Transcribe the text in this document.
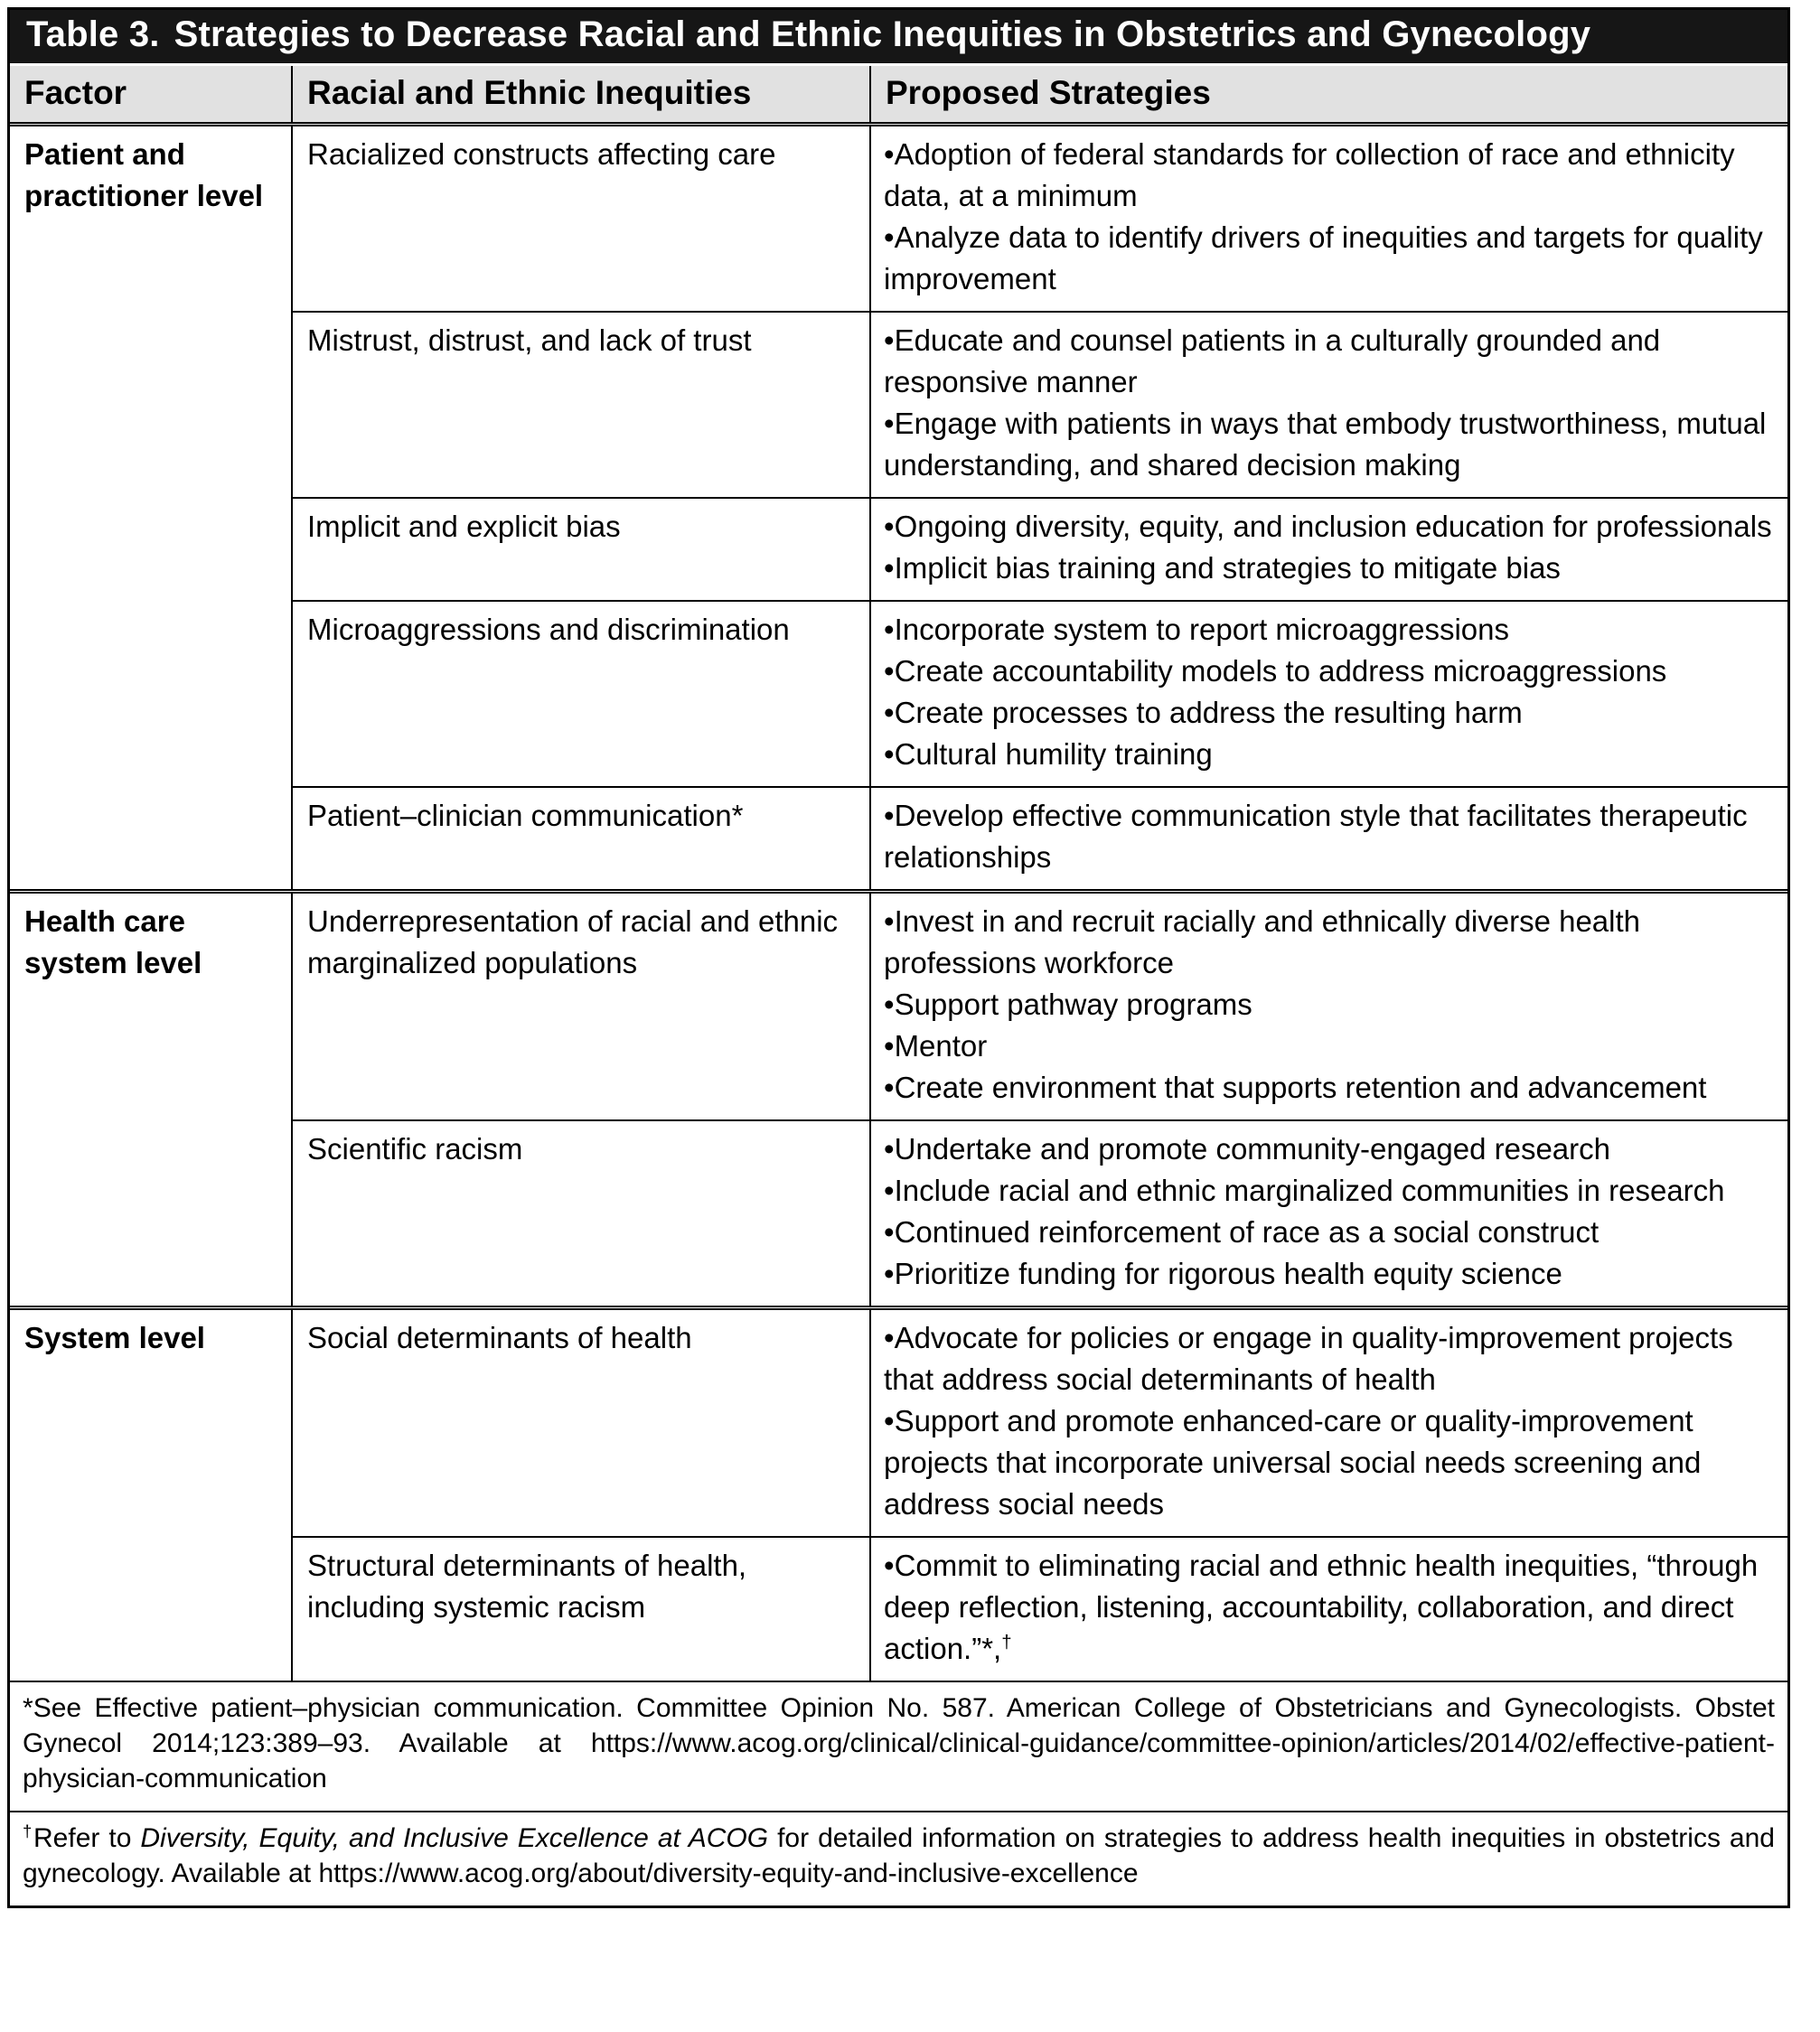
Table 3. Strategies to Decrease Racial and Ethnic Inequities in Obstetrics and Gynecology		
Factor	Racial and Ethnic Inequities	Proposed Strategies
Patient and practitioner level	Racialized constructs affecting care	• Adoption of federal standards for collection of race and ethnicity data, at a minimum
• Analyze data to identify drivers of inequities and targets for quality improvement

	Mistrust, distrust, and lack of trust	• Educate and counsel patients in a culturally grounded and responsive manner
• Engage with patients in ways that embody trustworthiness, mutual understanding, and shared decision making

	Implicit and explicit bias	• Ongoing diversity, equity, and inclusion education for professionals
• Implicit bias training and strategies to mitigate bias

	Microaggressions and discrimination	• Incorporate system to report microaggressions
• Create accountability models to address microaggressions
• Create processes to address the resulting harm
• Cultural humility training

	Patient–clinician communication*	• Develop effective communication style that facilitates therapeutic relationships

Health care system level	Underrepresentation of racial and ethnic marginalized populations	• Invest in and recruit racially and ethnically diverse health professions workforce
• Support pathway programs
• Mentor
• Create environment that supports retention and advancement

	Scientific racism	• Undertake and promote community-engaged research
• Include racial and ethnic marginalized communities in research
• Continued reinforcement of race as a social construct
• Prioritize funding for rigorous health equity science

System level	Social determinants of health	• Advocate for policies or engage in quality-improvement projects that address social determinants of health
• Support and promote enhanced-care or quality-improvement projects that incorporate universal social needs screening and address social needs

	Structural determinants of health, including systemic racism	• Commit to eliminating racial and ethnic health inequities, “through deep reflection, listening, accountability, collaboration, and direct action.”*,†
*See Effective patient–physician communication. Committee Opinion No. 587. American College of Obstetricians and Gynecologists. Obstet Gynecol 2014;123:389–93. Available at https://www.acog.org/clinical/clinical-guidance/committee-opinion/articles/2014/02/effective-patient-physician-communication
†Refer to Diversity, Equity, and Inclusive Excellence at ACOG for detailed information on strategies to address health inequities in obstetrics and gynecology. Available at https://www.acog.org/about/diversity-equity-and-inclusive-excellence
